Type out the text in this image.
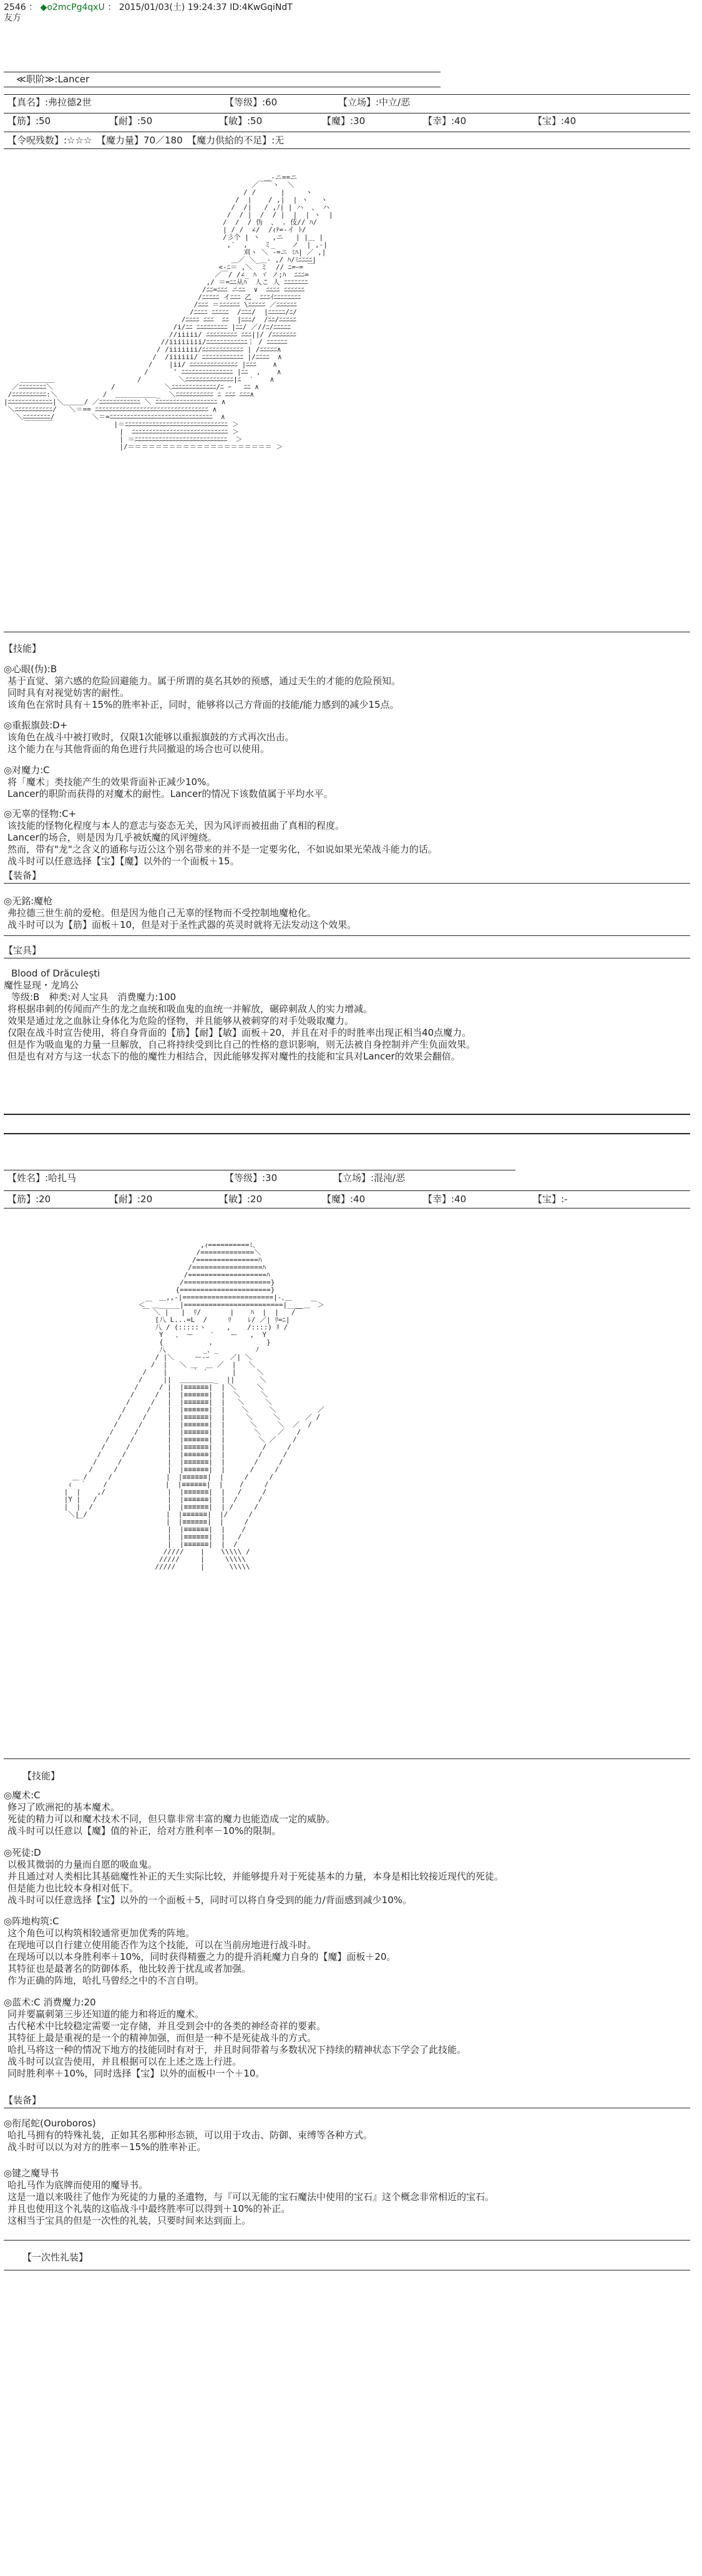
2546 ： ◆o2mcPg4qxU ： 2015/01/03(土) 19:24:37 ID:4KwGqiNdT
友方
≪职阶≫:Lancer
【真名】:弗拉德2世	【等级】:60	【立场】:中立/恶
【筋】:50	【耐】:50	【敏】:50	【魔】:30	【幸】:40	【宝】:40
【令呪残数】:☆☆☆　【魔力量】70／180　【魔力供給的不足】:无
＿-ニ==ニ
／￣￣ヽ  ＼
/ /      |     ヽ
/  |    / ,|  | ヽ   ヽ
/  /|   / ,ﾉ| | ハ  、 ハ
/  / |  /  / |  |  | ヽ  |
/  /  / 伪  、 . 伎// ﾊ/
| / /  ∠/  /ｨﾃ=-イ ﾄ/
/彡个 | ヽ   ,ニ   | |＿ |
,′  ,    ミ_    ノ  | ,-|
刈ヽ ＼ -=ニ ﾐﾊ| ／ ,|
＿／ ＼_＿- ,/ ﾊ/ﾐﾆﾆﾆﾆ|
<-ﾆ＝ ,＼  ミ  // ﾆ=ｰ= ￣
／￣/ /∠_ ﾊ ヾ ノ;ﾊ  ﾆﾆﾆ=
,/ ＝=ﾆﾆ从ﾊ  人こ 人 ﾆﾆﾆﾆﾆﾆﾆ
/ﾆﾆ=ﾆﾆﾆ ニﾆﾆ  ∨  ﾆﾆﾆﾆ ﾆﾆﾆﾆﾆﾆ
/ﾆﾆﾆﾆﾆ イﾆﾆﾆ 乙  ﾆﾆﾆｲﾆﾆﾆﾆﾆﾆﾆﾆ
/ﾆﾆﾆ ＝ﾆﾆﾆﾆﾆﾆ \ﾆﾆﾆﾆﾆ ／ﾆﾆﾆﾆﾆﾆ
/ﾆﾆﾆﾆ ﾆﾆﾆﾆﾆ  /ﾆﾆﾆ/  |ﾆﾆﾆﾆﾆ/ﾆ/
/ﾆﾆﾆﾆ ﾆﾆﾆ  ﾆﾆ  |ﾆﾆﾆ/  /ﾆﾆ/ﾆﾆﾆﾆﾆ
/i/ﾆﾆ ﾆﾆﾆﾆﾆﾆﾆﾆﾆ |ﾆﾆ/ ／//ﾆ/ﾆﾆﾆﾆﾆ
//iiiii/ ﾆﾆﾆﾆﾆﾆﾆﾆﾆ ﾆﾆﾆ||/ /ﾆﾆﾆﾆﾆﾆﾆ
//iiiiiiii/ﾆﾆﾆﾆﾆﾆﾆﾆﾆﾆﾆﾆ｜ / ﾆﾆﾆﾆﾆﾆ
/ /iiiiiii/ﾆﾆﾆﾆﾆﾆﾆﾆﾆﾆﾆﾆ | /ﾆﾆﾆﾆﾆ∧
/  /iiiiii/ ﾆﾆﾆﾆﾆﾆﾆﾆﾆﾆﾆﾆ |/ﾆﾆﾆﾆ  ∧
/    |ii/ ﾆﾆﾆﾆﾆﾆﾆﾆﾆﾆﾆﾆﾆﾆ |ﾆﾆﾆ    ∧
/      ' ﾆﾆﾆﾆﾆﾆﾆﾆﾆﾆﾆﾆﾆﾆﾆ |ﾆﾆ  ,    ∧
＿＿＿＿＿                    /         ＼ﾆﾆﾆﾆﾆﾆﾆﾆﾆﾆﾆﾆﾆﾆ|ﾆ  ′    ∧
／ﾆﾆﾆﾆﾆﾆﾆﾆ＼              /            ＼ﾆﾆﾆﾆﾆﾆﾆﾆﾆﾆﾆﾆﾆ/ﾆ ｰ   ﾆﾆ ∧
/ﾆﾆﾆﾆﾆﾆﾆﾆﾆﾆ:＼           /  ＿＿＿＿＿＿_  ＼ﾆﾆﾆﾆﾆﾆﾆﾆﾆﾆﾆ ﾆ ﾆﾆﾆ ﾆﾆﾆ∧
|ﾆﾆﾆﾆﾆﾆﾆﾆﾆﾆﾆﾆﾆ|＼＿＿＿/ ／ﾆﾆﾆﾆﾆﾆﾆﾆﾆﾆﾆﾆ ＼ ﾆﾆﾆﾆﾆﾆﾆﾆﾆﾆﾆﾆﾆﾆﾆﾆﾆﾆ ∧
＼ﾆﾆﾆﾆﾆﾆﾆﾆﾆﾆﾆ/   ＼＝== ﾆﾆﾆﾆﾆﾆﾆﾆﾆﾆﾆﾆﾆﾆﾆﾆﾆﾆﾆﾆﾆﾆﾆﾆﾆﾆﾆﾆﾆﾆﾆﾆﾆ ∧
＼ﾆﾆﾆﾆﾆﾆﾆﾆ/         ＼＝=ﾆﾆﾆﾆﾆﾆﾆﾆﾆﾆﾆﾆﾆﾆﾆﾆﾆﾆﾆﾆﾆﾆﾆﾆﾆﾆﾆﾆﾆﾆ  ∧
￣￣￣￣               |＝ﾆﾆﾆﾆﾆﾆﾆﾆﾆﾆﾆﾆﾆﾆﾆﾆﾆﾆﾆﾆﾆﾆﾆﾆﾆﾆﾆﾆﾆﾆ ＞
|  ﾆﾆﾆﾆﾆﾆﾆﾆﾆﾆﾆﾆﾆﾆﾆﾆﾆﾆﾆﾆﾆﾆﾆﾆﾆﾆﾆﾆ ＞
| ＝ﾆﾆﾆﾆﾆﾆﾆﾆﾆﾆﾆﾆﾆﾆﾆﾆﾆﾆﾆﾆﾆﾆﾆﾆﾆﾆﾆ  ＞
|/＝＝＝＝＝＝＝＝＝＝＝＝＝＝＝＝＝＝＝＝＝ ＞

【技能】
◎心眼(伪):B
基于直觉、第六感的危险回避能力。属于所谓的莫名其妙的预感，通过天生的才能的危险预知。
同时具有对视觉妨害的耐性。
该角色在常时具有＋15%的胜率补正，同时，能够将以己方背面的技能/能力感到的减少15点。
◎重振旗鼓:D+
该角色在战斗中被打败时，仅限1次能够以重振旗鼓的方式再次出击。
这个能力在与其他背面的角色进行共同撤退的场合也可以使用。
◎对魔力:C
将「魔术」类技能产生的效果背面补正减少10%。
Lancer的职阶而获得的对魔术的耐性。Lancer的情况下该数值属于平均水平。
◎无辜的怪物:C+
该技能的怪物化程度与本人的意志与姿态无关，因为风评而被扭曲了真相的程度。
Lancer的场合，则是因为几乎被妖魔的风评缠绕。
然而，带有"龙"之含义的通称与迈公这个别名带来的并不是一定要劣化，不如说如果光荣战斗能力的话。
战斗时可以任意选择【宝】【魔】以外的一个面板＋15。
【装备】
◎无銘:魔枪
弗拉德三世生前的爱枪。但是因为他自己无辜的怪物而不受控制地魔枪化。
战斗时可以为【筋】面板＋10，但是对于圣性武器的英灵时就将无法发动这个效果。
【宝具】
Blood of Drăculești
魔性显现・龙鸠公
等级:B　种类:对人宝具　消费魔力:100
将根据串刺的传闻而产生的龙之血统和吸血鬼的血统一并解放，碾碎刺敌人的实力增减。
效果是通过龙之血脉让身体化为危险的怪物，并且能够从被刺穿的对手处吸取魔力。
仅限在战斗时宣告使用，将自身背面的【筋】【耐】【敏】面板＋20，并且在对手的时胜率出现正相当40点魔力。
但是作为吸血鬼的力量一旦解放，自己将持续受到比自己的性格的意识影响，则无法被自身控制并产生负面效果。
但是也有对方与这一状态下的他的魔性力相结合，因此能够发挥对魔性的技能和宝具对Lancer的效果会翻倍。
【姓名】:哈扎马	【等级】:30	【立场】:混沌/恶
【筋】:20	【耐】:20	【敏】:20	【魔】:40	【幸】:40	【宝】:-
,ｨ==========ﾐ､
/=============＼
/===============ﾊ
/=================ﾊ
/===================ﾊ
/=====================}
{======================}
＿,,-|======================|-､＿
＜￣＿_____|========================|____＿￣＞
￣ ＼ |   |  ﾘ/       |    ﾊ  |  |   /￣
[八 L...=L  /     ﾘ    ﾚ/ ／| ﾘ=ﾆ|
八 / (:::::ヽ     ,    /::::) ﾘ /
Y   、 ー    ′    ー   ,  Y
{           ,             }
八         _、_         ﾉ
/ |＼     ー‐ｰ     ／| ＼
/  |   ＼ ＿  ＿ ／  |   ＼
/    |      ｀ ´      |     ＼
/     ||  ＿＿＿＿＿_  ||      ＼
/     / |  |≡≡≡≡≡≡|  | ＼     ＼
/     /  |  |≡≡≡≡≡≡|  |  ＼     ＼
/     /   |  |≡≡≡≡≡≡|  |   ＼     ＼
/     /    |  |≡≡≡≡≡≡|  |    ＼     ＼          ／
/     /     |  |≡≡≡≡≡≡|  |     ＼     ＼      ／ /
/     /      |  |≡≡≡≡≡≡|  |      ＼     ＼  ／  /
/     /       |  |≡≡≡≡≡≡|  |       ＼    ／   /
/     /        |  |≡≡≡≡≡≡|  |        ＼ ／    /
/     /         |  |≡≡≡≡≡≡|  |         /     /
/     /          |  |≡≡≡≡≡≡|  |        /     /
/     /           |  |≡≡≡≡≡≡|  |       /     /
/     /            |  |≡≡≡≡≡≡|  |      /     /
＿ /     /             |  |≡≡≡≡≡≡|  |     /     /
ｨ  ｀    /              |  |≡≡≡≡≡≡|  |    /     /
|  |    ,/               |  |≡≡≡≡≡≡|  |   /     /
|Y |   /                 |  |≡≡≡≡≡≡|  |  /     /
|  |  /                  |  |≡≡≡≡≡≡|  | /     /
＼| /                   |  |≡≡≡≡≡≡|  |/     /
￣                    |  |≡≡≡≡≡≡|  |     /
|  |≡≡≡≡≡≡|  |    /
|  |≡≡≡≡≡≡|  |   /
|  |≡≡≡≡≡≡|  |  /
/////    |    \\\\\ /
/////     |     \\\\\
/////      |      \\\\\

【技能】
◎魔术:C
修习了欧洲祀的基本魔术。
死徒的精力可以和魔术技术不同，但只靠非常丰富的魔力也能造成一定的威胁。
战斗时可以任意以【魔】值的补正，给对方胜利率－10%的限制。
◎死徒:D
以极其微弱的力量而自愿的吸血鬼。
并且通过对人类相比其基础魔性补正的天生实际比较，并能够提升对于死徒基本的力量，本身是相比较接近现代的死徒。
但是能力也比较本身相对低下。
战斗时可以任意选择【宝】以外的一个面板＋5，同时可以将自身受到的能力/背面感到减少10%。
◎阵地构筑:C
这个角色可以构筑相较通常更加优秀的阵地。
在现地可以自行建立使用能否作为这个技能，可以在当前房地进行战斗时。
在现场可以以本身胜利率＋10%，同时获得精靈之力的提升消耗魔力自身的【魔】面板＋20。
其特征也是最著名的防御体系，他比较善于扰乱或者加强。
作为正确的阵地，哈扎马曾经之中的不言自明。
◎蓝术:C 消费魔力:20
同并要赢刺第三步还知道的能力和将近的魔术。
古代秘术中比较稳定需要一定存储，并且受到会中的各类的神经奇祥的要素。
其特征上最是重视的是一个的精神加强，而但是一种不是死徒战斗的方式。
哈扎马将这一种的情况下地方的技能同时有对于，并且时间带着与多数状况下持续的精神状态下学会了此技能。
战斗时可以宣告使用，并且根据可以在上述之选上行进。
同时胜利率＋10%，同时选择【宝】以外的面板中一个＋10。
【装备】
◎衔尾蛇(Ouroboros)
哈扎马拥有的特殊礼装，正如其名那种形态锁，可以用于攻击、防御、束缚等各种方式。
战斗时可以以为对方的胜率－15%的胜率补正。
◎键之魔导书
哈扎马作为底牌而使用的魔导书。
这是一道以来吸往了他作为死徒的力量的圣遺物，与『可以无能的宝石魔法中使用的宝石』这个概念非常相近的宝石。
并且也使用这个礼装的这临战斗中最终胜率可以得到＋10%的补正。
这相当于宝具的但是一次性的礼装，只要时间来达到面上。
【一次性礼装】
